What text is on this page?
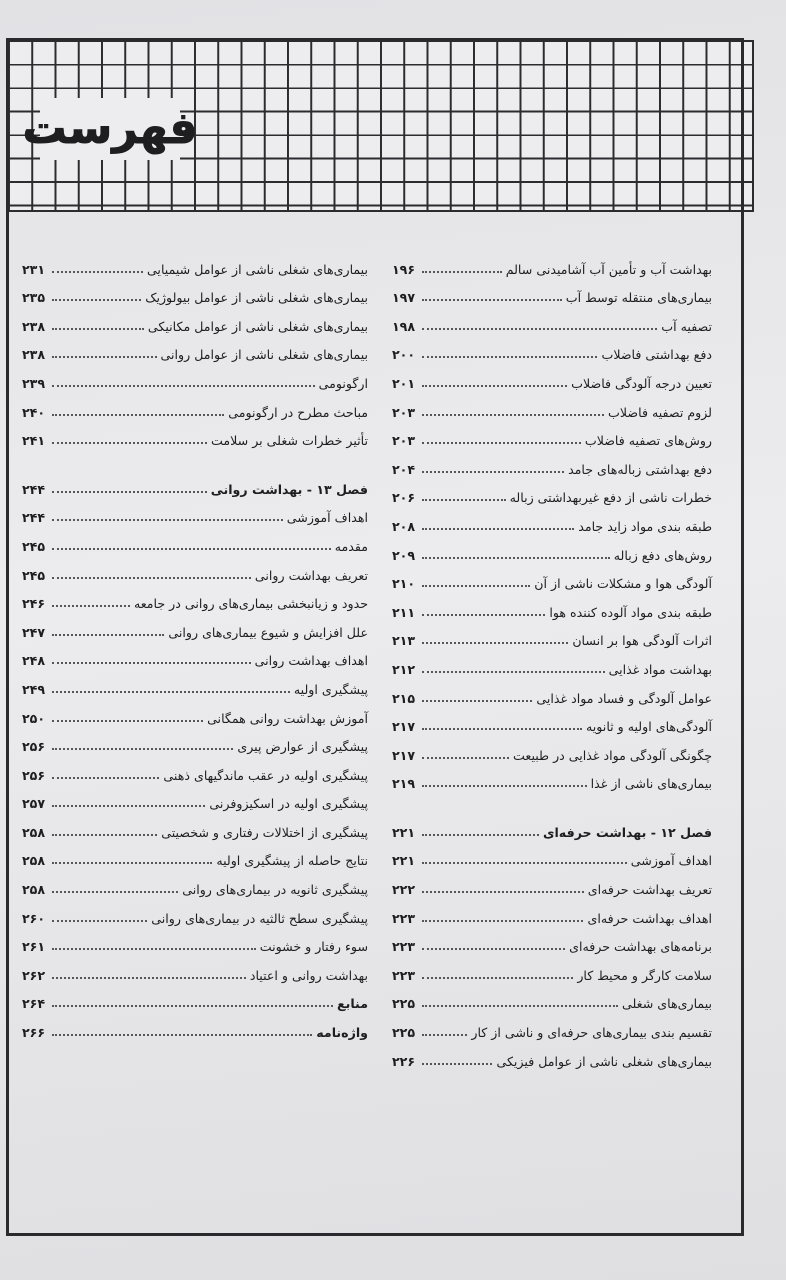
فهرست
بهداشت آب و تأمین آب آشامیدنی سالم
۱۹۶
بیماری‌های منتقله توسط آب
۱۹۷
تصفیه آب
۱۹۸
دفع بهداشتی فاضلاب
۲۰۰
تعیین درجه آلودگی فاضلاب
۲۰۱
لزوم تصفیه فاضلاب
۲۰۳
روش‌های تصفیه فاضلاب
۲۰۳
دفع بهداشتی زباله‌های جامد
۲۰۴
خطرات ناشی از دفع غیربهداشتی زباله
۲۰۶
طبقه بندی مواد زاید جامد
۲۰۸
روش‌های دفع زباله
۲۰۹
آلودگی هوا و مشکلات ناشی از آن
۲۱۰
طبقه بندی مواد آلوده کننده هوا
۲۱۱
اثرات آلودگی هوا بر انسان
۲۱۳
بهداشت مواد غذایی
۲۱۲
عوامل آلودگی و فساد مواد غذایی
۲۱۵
آلودگی‌های اولیه و ثانویه
۲۱۷
چگونگی آلودگی مواد غذایی در طبیعت
۲۱۷
بیماری‌های ناشی از غذا
۲۱۹
فصل ۱۲ - بهداشت حرفه‌ای
۲۲۱
اهداف آموزشی
۲۲۱
تعریف بهداشت حرفه‌ای
۲۲۲
اهداف بهداشت حرفه‌ای
۲۲۳
برنامه‌های بهداشت حرفه‌ای
۲۲۳
سلامت کارگر و محیط کار
۲۲۳
بیماری‌های شغلی
۲۲۵
تقسیم بندی بیماری‌های حرفه‌ای و ناشی از کار
۲۲۵
بیماری‌های شغلی ناشی از عوامل فیزیکی
۲۲۶
بیماری‌های شغلی ناشی از عوامل شیمیایی
۲۳۱
بیماری‌های شغلی ناشی از عوامل بیولوژیک
۲۳۵
بیماری‌های شغلی ناشی از عوامل مکانیکی
۲۳۸
بیماری‌های شغلی ناشی از عوامل روانی
۲۳۸
ارگونومی
۲۳۹
مباحث مطرح در ارگونومی
۲۴۰
تأثیر خطرات شغلی بر سلامت
۲۴۱
فصل ۱۳ - بهداشت روانی
۲۴۴
اهداف آموزشی
۲۴۴
مقدمه
۲۴۵
تعریف بهداشت روانی
۲۴۵
حدود و زیانبخشی بیماری‌های روانی در جامعه
۲۴۶
علل افزایش و شیوع بیماری‌های روانی
۲۴۷
اهداف بهداشت روانی
۲۴۸
پیشگیری اولیه
۲۴۹
آموزش بهداشت روانی همگانی
۲۵۰
پیشگیری از عوارض پیری
۲۵۶
پیشگیری اولیه در عقب ماندگیهای ذهنی
۲۵۶
پیشگیری اولیه در اسکیزوفرنی
۲۵۷
پیشگیری از اختلالات رفتاری و شخصیتی
۲۵۸
نتایج حاصله از پیشگیری اولیه
۲۵۸
پیشگیری ثانویه در بیماری‌های روانی
۲۵۸
پیشگیری سطح ثالثیه در بیماری‌های روانی
۲۶۰
سوء رفتار و خشونت
۲۶۱
بهداشت روانی و اعتیاد
۲۶۲
منابع
۲۶۴
واژه‌نامه
۲۶۶
